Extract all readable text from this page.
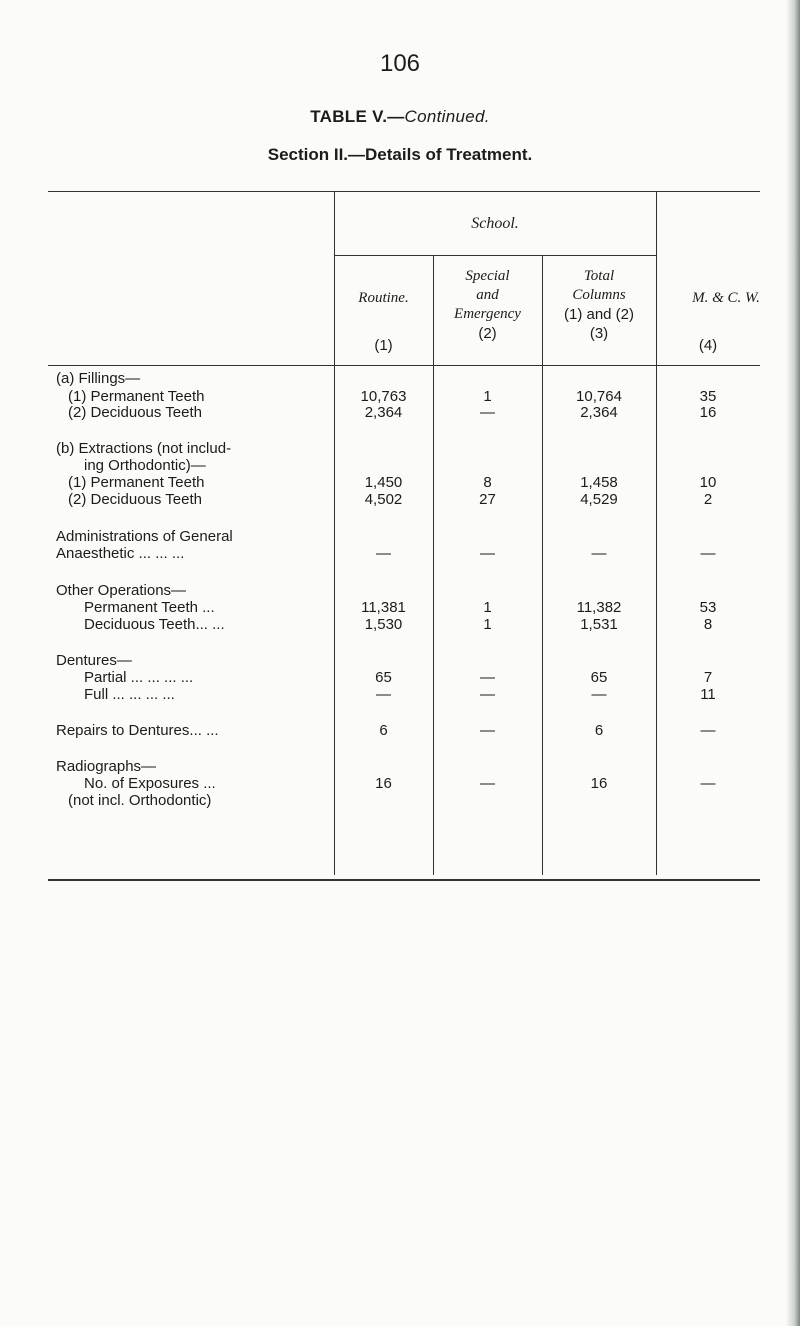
106
TABLE V.—Continued.
Section II.—Details of Treatment.
School.
Routine.
(1)
Special
and
Emergency
(2)
Total
Columns
(1) and (2)
(3)
M. & C. W.
(4)
(a) Fillings—
(1) Permanent Teeth	10,763	1	10,764	35
(2) Deciduous Teeth	2,364	—	2,364	16
(b) Extractions (not includ-
ing Orthodontic)—
(1) Permanent Teeth	1,450	8	1,458	10
(2) Deciduous Teeth	4,502	27	4,529	2
Administrations of General
Anaesthetic ... ... ...	—	—	—	—
Other Operations—
Permanent Teeth ...	11,381	1	11,382	53
Deciduous Teeth... ...	1,530	1	1,531	8
Dentures—
Partial ... ... ... ...	65	—	65	7
Full ... ... ... ...	—	—	—	11
Repairs to Dentures... ...	6	—	6	—
Radiographs—
No. of Exposures ...	16	—	16	—
(not incl. Orthodontic)
